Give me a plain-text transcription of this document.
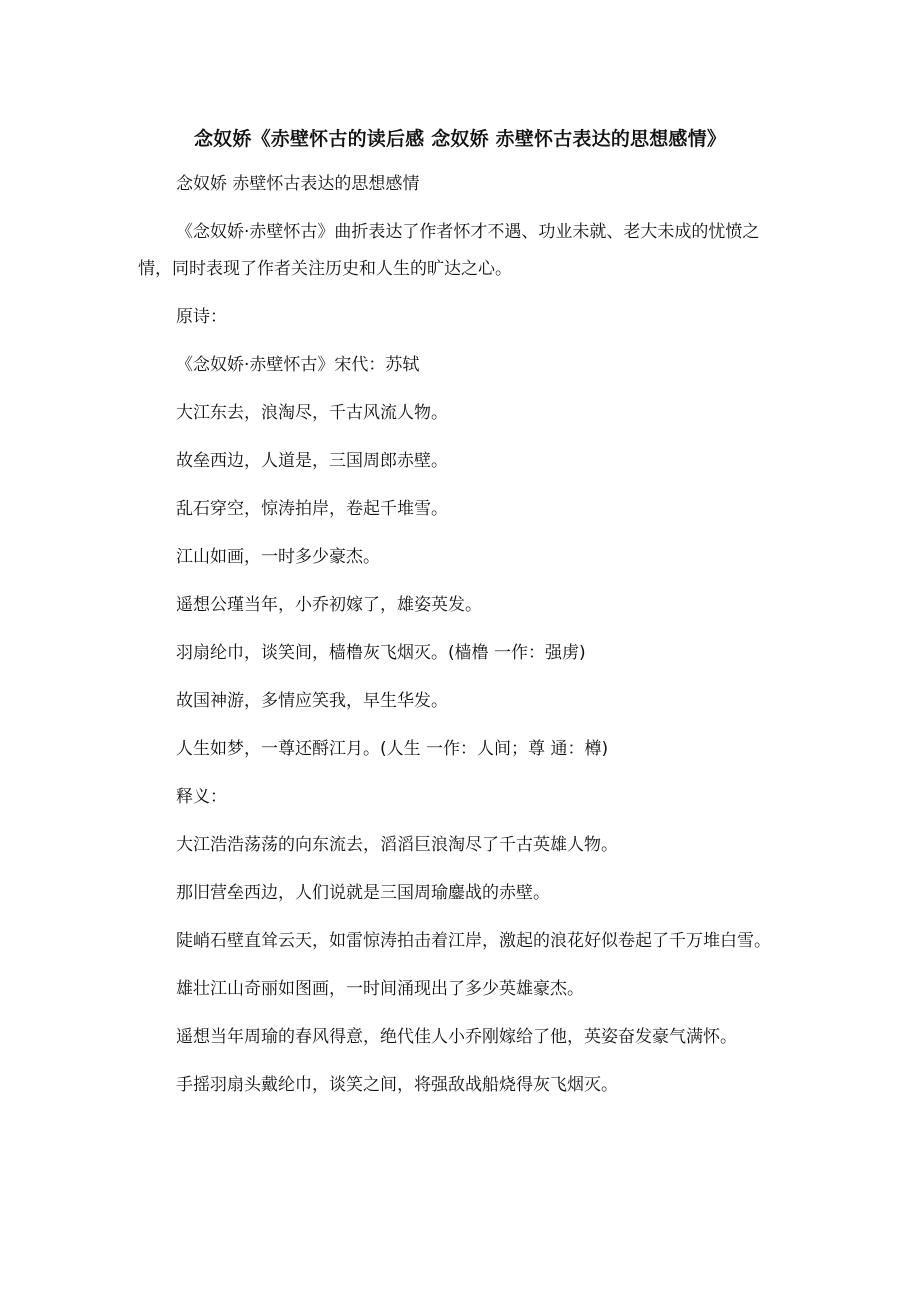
念奴娇《赤壁怀古的读后感 念奴娇 赤壁怀古表达的思想感情》

念奴娇 赤壁怀古表达的思想感情

《念奴娇·赤壁怀古》曲折表达了作者怀才不遇、功业未就、老大未成的忧愤之情，同时表现了作者关注历史和人生的旷达之心。

原诗：

《念奴娇·赤壁怀古》宋代：苏轼

大江东去，浪淘尽，千古风流人物。

故垒西边，人道是，三国周郎赤壁。

乱石穿空，惊涛拍岸，卷起千堆雪。

江山如画，一时多少豪杰。

遥想公瑾当年，小乔初嫁了，雄姿英发。

羽扇纶巾，谈笑间，樯橹灰飞烟灭。(樯橹 一作：强虏)

故国神游，多情应笑我，早生华发。

人生如梦，一尊还酹江月。(人生 一作：人间；尊 通：樽)

释义：

大江浩浩荡荡的向东流去，滔滔巨浪淘尽了千古英雄人物。

那旧营垒西边，人们说就是三国周瑜鏖战的赤壁。

陡峭石壁直耸云天，如雷惊涛拍击着江岸，激起的浪花好似卷起了千万堆白雪。

雄壮江山奇丽如图画，一时间涌现出了多少英雄豪杰。

遥想当年周瑜的春风得意，绝代佳人小乔刚嫁给了他，英姿奋发豪气满怀。

手摇羽扇头戴纶巾，谈笑之间，将强敌战船烧得灰飞烟灭。
